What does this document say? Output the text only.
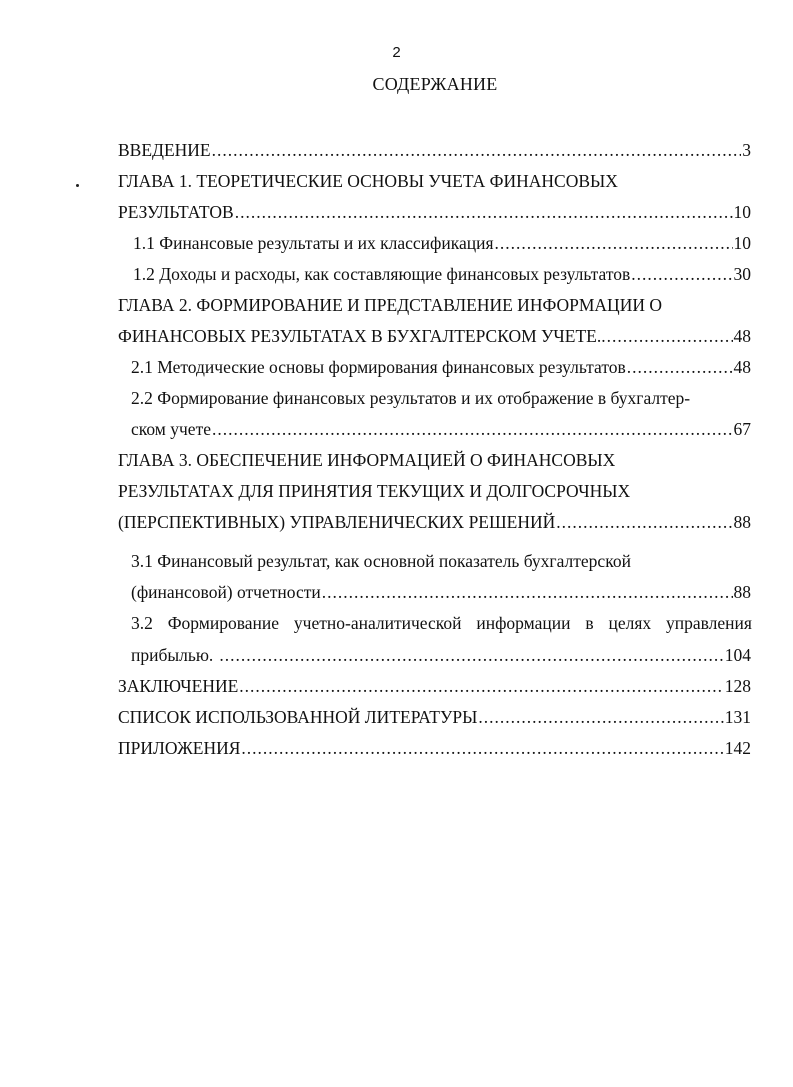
2
СОДЕРЖАНИЕ
ВВЕДЕНИЕ .....	3
ГЛАВА 1. ТЕОРЕТИЧЕСКИЕ ОСНОВЫ УЧЕТА ФИНАНСОВЫХ
РЕЗУЛЬТАТОВ .....	10
1.1 Финансовые результаты и их классификация .....	10
1.2 Доходы и расходы, как составляющие финансовых результатов .....	30
ГЛАВА 2. ФОРМИРОВАНИЕ И ПРЕДСТАВЛЕНИЕ ИНФОРМАЦИИ О
ФИНАНСОВЫХ РЕЗУЛЬТАТАХ В БУХГАЛТЕРСКОМ УЧЕТЕ.. .....	48
2.1 Методические основы формирования финансовых результатов .....	48
2.2 Формирование финансовых результатов и их отображение в бухгалтер-
ском учете .....	67
ГЛАВА 3. ОБЕСПЕЧЕНИЕ ИНФОРМАЦИЕЙ О ФИНАНСОВЫХ
РЕЗУЛЬТАТАХ ДЛЯ ПРИНЯТИЯ ТЕКУЩИХ И ДОЛГОСРОЧНЫХ
(ПЕРСПЕКТИВНЫХ) УПРАВЛЕНИЧЕСКИХ РЕШЕНИЙ .....	88
3.1 Финансовый результат, как основной показатель бухгалтерской
(финансовой) отчетности .....	88
3.2 Формирование учетно-аналитической информации в целях управления
прибылью. .....	104
ЗАКЛЮЧЕНИЕ .....	128
СПИСОК ИСПОЛЬЗОВАННОЙ ЛИТЕРАТУРЫ .....	131
ПРИЛОЖЕНИЯ .....	142
